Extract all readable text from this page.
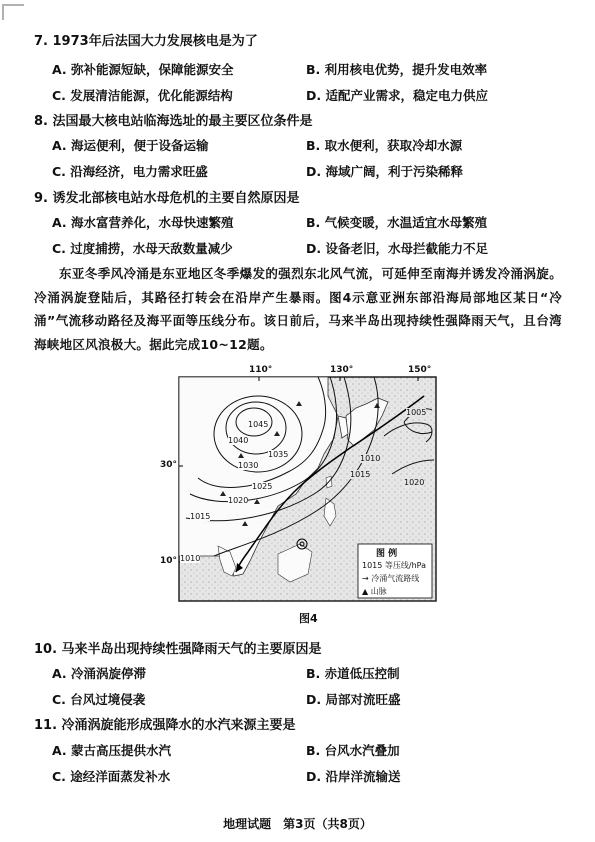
7. 1973年后法国大力发展核电是为了
A. 弥补能源短缺，保障能源安全	B. 利用核电优势，提升发电效率
C. 发展清洁能源，优化能源结构	D. 适配产业需求，稳定电力供应
8. 法国最大核电站临海选址的最主要区位条件是
A. 海运便利，便于设备运输	B. 取水便利，获取冷却水源
C. 沿海经济，电力需求旺盛	D. 海域广阔，利于污染稀释
9. 诱发北部核电站水母危机的主要自然原因是
A. 海水富营养化，水母快速繁殖	B. 气候变暖，水温适宜水母繁殖
C. 过度捕捞，水母天敌数量减少	D. 设备老旧，水母拦截能力不足
东亚冬季风冷涌是东亚地区冬季爆发的强烈东北风气流，可延伸至南海并诱发冷涌涡旋。冷涌涡旋登陆后，其路径打转会在沿岸产生暴雨。图4示意亚洲东部沿海局部地区某日“冷涌”气流移动路径及海平面等压线分布。该日前后，马来半岛出现持续性强降雨天气，且台湾海峡地区风浪极大。据此完成10~12题。
110°	130°	150°
30°
10°
1045
1040
1035
1030
1025
1020
1015
1010
1005
1010
1015
1020
图 例
1015 等压线/hPa
→ 冷涌气流路线
▲ 山脉
图4
10. 马来半岛出现持续性强降雨天气的主要原因是
A. 冷涌涡旋停滞	B. 赤道低压控制
C. 台风过境侵袭	D. 局部对流旺盛
11. 冷涌涡旋能形成强降水的水汽来源主要是
A. 蒙古高压提供水汽	B. 台风水汽叠加
C. 途经洋面蒸发补水	D. 沿岸洋流输送
地理试题　第3页（共8页）
